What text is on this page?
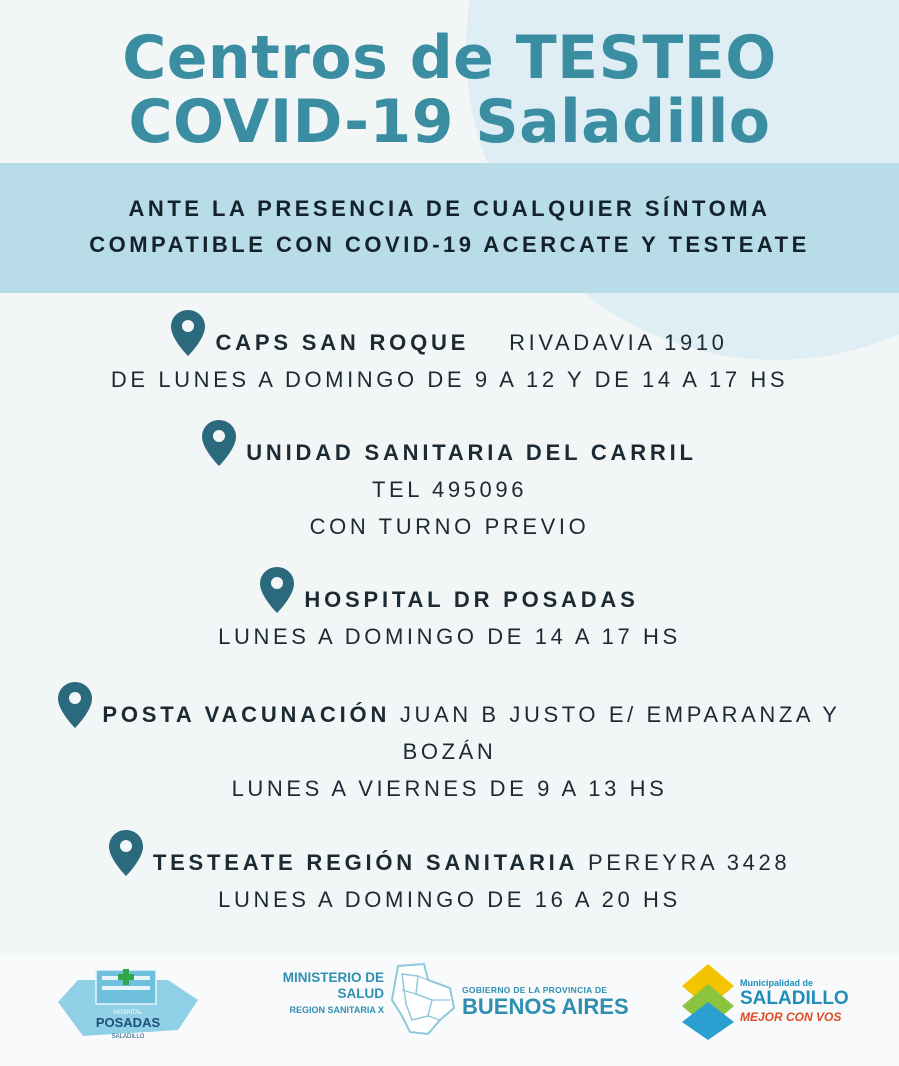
Centros de TESTEO
COVID-19 Saladillo
ANTE LA PRESENCIA DE CUALQUIER SÍNTOMA
COMPATIBLE CON COVID-19 ACERCATE Y TESTEATE
CAPS SAN ROQUE RIVADAVIA 1910
DE LUNES A DOMINGO DE 9 A 12 Y DE 14 A 17 HS
UNIDAD SANITARIA DEL CARRIL
TEL 495096
CON TURNO PREVIO
HOSPITAL DR POSADAS
LUNES A DOMINGO DE 14 A 17 HS
POSTA VACUNACIÓN JUAN B JUSTO E/ EMPARANZA Y
BOZÁN
LUNES A VIERNES DE 9 A 13 HS
TESTEATE REGIÓN SANITARIA PEREYRA 3428
LUNES A DOMINGO DE 16 A 20 HS
HOSPITAL
POSADAS
SALADILLO
MINISTERIO DE
SALUD
REGION SANITARIA X
GOBIERNO DE LA PROVINCIA DE
BUENOS AIRES
Municipalidad de
SALADILLO
MEJOR CON VOS
